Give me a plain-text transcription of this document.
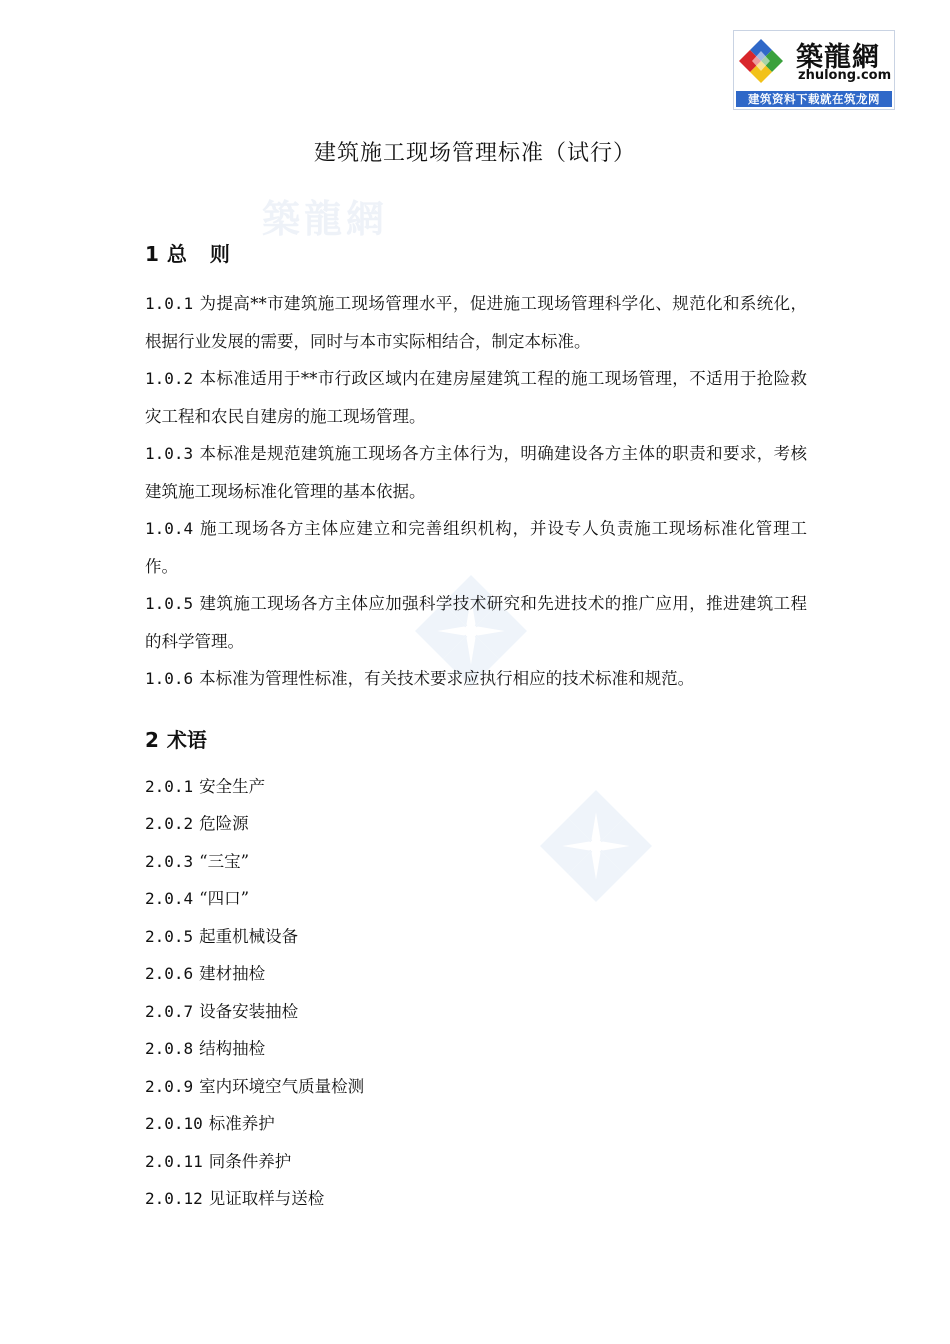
築龍網
zhulong.com
建筑资料下载就在筑龙网
築龍網
建筑施工现场管理标准（试行）
1 总 则
1.0.1 为提高**市建筑施工现场管理水平，促进施工现场管理科学化、规范化和系统化，根据行业发展的需要，同时与本市实际相结合，制定本标准。
1.0.2 本标准适用于**市行政区域内在建房屋建筑工程的施工现场管理，不适用于抢险救灾工程和农民自建房的施工现场管理。
1.0.3 本标准是规范建筑施工现场各方主体行为，明确建设各方主体的职责和要求，考核建筑施工现场标准化管理的基本依据。
1.0.4 施工现场各方主体应建立和完善组织机构，并设专人负责施工现场标准化管理工作。
1.0.5 建筑施工现场各方主体应加强科学技术研究和先进技术的推广应用，推进建筑工程的科学管理。
1.0.6 本标准为管理性标准，有关技术要求应执行相应的技术标准和规范。
2 术语
2.0.1 安全生产
2.0.2 危险源
2.0.3 “三宝”
2.0.4 “四口”
2.0.5 起重机械设备
2.0.6 建材抽检
2.0.7 设备安装抽检
2.0.8 结构抽检
2.0.9 室内环境空气质量检测
2.0.10 标准养护
2.0.11 同条件养护
2.0.12 见证取样与送检
